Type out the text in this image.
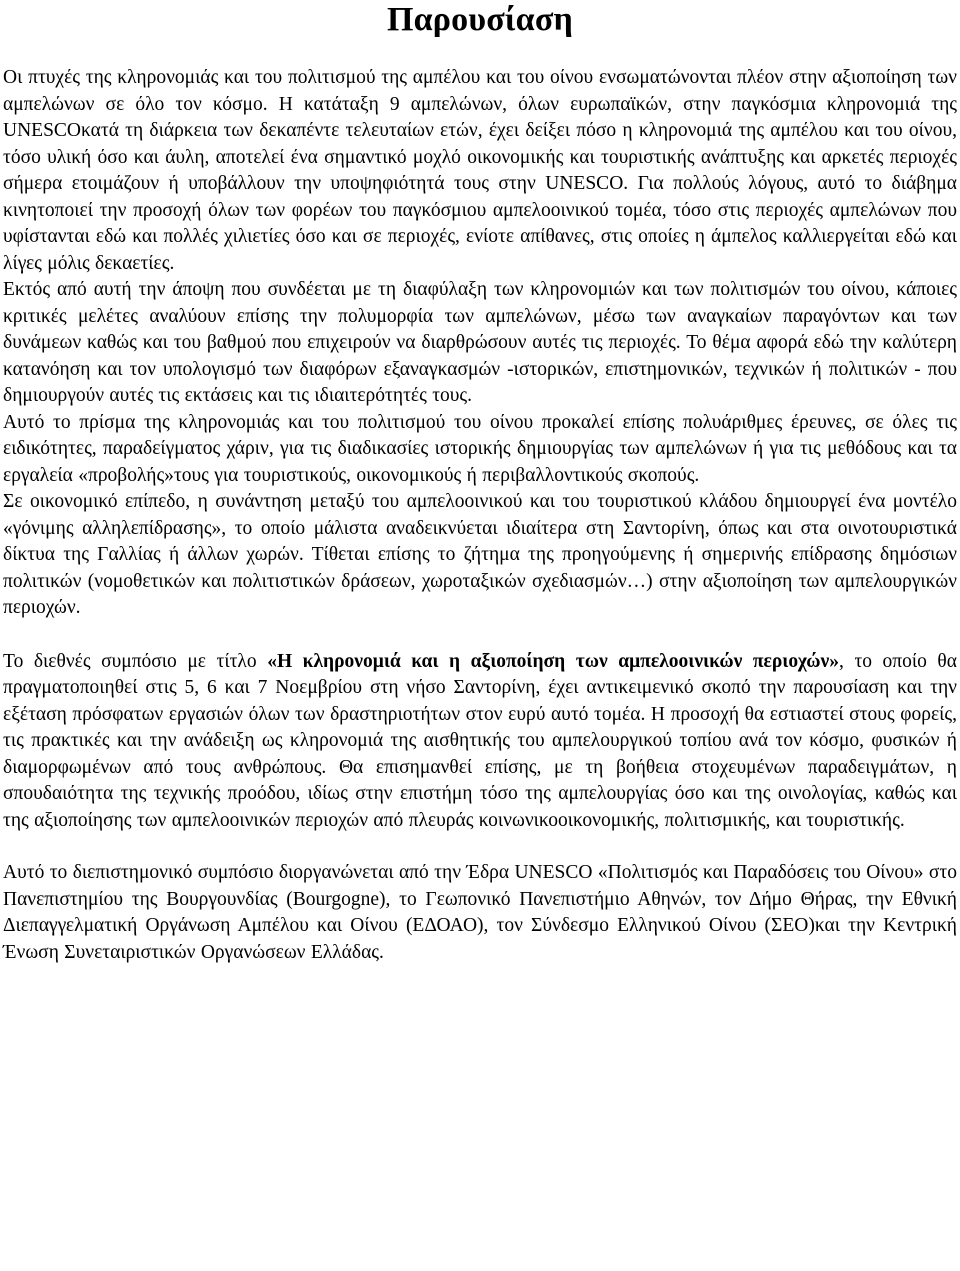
Παρουσίαση

Οι πτυχές της κληρονομιάς και του πολιτισμού της αμπέλου και του οίνου ενσωματώνονται πλέον στην αξιοποίηση των αμπελώνων σε όλο τον κόσμο. Η κατάταξη 9 αμπελώνων, όλων ευρωπαϊκών, στην παγκόσμια κληρονομιά της UNESCOκατά τη διάρκεια των δεκαπέντε τελευταίων ετών, έχει δείξει πόσο η κληρονομιά της αμπέλου και του οίνου, τόσο υλική όσο και άυλη, αποτελεί ένα σημαντικό μοχλό οικονομικής και τουριστικής ανάπτυξης και αρκετές περιοχές σήμερα ετοιμάζουν ή υποβάλλουν την υποψηφιότητά τους στην UNESCO. Για πολλούς λόγους, αυτό το διάβημα κινητοποιεί την προσοχή όλων των φορέων του παγκόσμιου αμπελοοινικού τομέα, τόσο στις περιοχές αμπελώνων που υφίστανται εδώ και πολλές χιλιετίες όσο και σε περιοχές, ενίοτε απίθανες, στις οποίες η άμπελος καλλιεργείται εδώ και λίγες μόλις δεκαετίες.

Εκτός από αυτή την άποψη που συνδέεται με τη διαφύλαξη των κληρονομιών και των πολιτισμών του οίνου, κάποιες κριτικές μελέτες αναλύουν επίσης την πολυμορφία των αμπελώνων, μέσω των αναγκαίων παραγόντων και των δυνάμεων καθώς και του βαθμού που επιχειρούν να διαρθρώσουν αυτές τις περιοχές. Το θέμα αφορά εδώ την καλύτερη κατανόηση και τον υπολογισμό των διαφόρων εξαναγκασμών -ιστορικών, επιστημονικών, τεχνικών ή πολιτικών - που δημιουργούν αυτές τις εκτάσεις και τις ιδιαιτερότητές τους.

Αυτό το πρίσμα της κληρονομιάς και του πολιτισμού του οίνου προκαλεί επίσης πολυάριθμες έρευνες, σε όλες τις ειδικότητες, παραδείγματος χάριν, για τις διαδικασίες ιστορικής δημιουργίας των αμπελώνων ή για τις μεθόδους και τα εργαλεία «προβολής»τους για τουριστικούς, οικονομικούς ή περιβαλλοντικούς σκοπούς.

Σε οικονομικό επίπεδο, η συνάντηση μεταξύ του αμπελοοινικού και του τουριστικού κλάδου δημιουργεί ένα μοντέλο «γόνιμης αλληλεπίδρασης», το οποίο μάλιστα αναδεικνύεται ιδιαίτερα στη Σαντορίνη, όπως και στα οινοτουριστικά δίκτυα της Γαλλίας ή άλλων χωρών. Τίθεται επίσης το ζήτημα της προηγούμενης ή σημερινής επίδρασης δημόσιων πολιτικών (νομοθετικών και πολιτιστικών δράσεων, χωροταξικών σχεδιασμών…) στην αξιοποίηση των αμπελουργικών περιοχών.

Το διεθνές συμπόσιο με τίτλο «Η κληρονομιά και η αξιοποίηση των αμπελοοινικών περιοχών», το οποίο θα πραγματοποιηθεί στις 5, 6 και 7 Νοεμβρίου στη νήσο Σαντορίνη, έχει αντικειμενικό σκοπό την παρουσίαση και την εξέταση πρόσφατων εργασιών όλων των δραστηριοτήτων στον ευρύ αυτό τομέα. Η προσοχή θα εστιαστεί στους φορείς, τις πρακτικές και την ανάδειξη ως κληρονομιά της αισθητικής του αμπελουργικού τοπίου ανά τον κόσμο, φυσικών ή διαμορφωμένων από τους ανθρώπους. Θα επισημανθεί επίσης, με τη βοήθεια στοχευμένων παραδειγμάτων, η σπουδαιότητα της τεχνικής προόδου, ιδίως στην επιστήμη τόσο της αμπελουργίας όσο και της οινολογίας, καθώς και της αξιοποίησης των αμπελοοινικών περιοχών από πλευράς κοινωνικοοικονομικής, πολιτισμικής, και τουριστικής.

Αυτό το διεπιστημονικό συμπόσιο διοργανώνεται από την Έδρα UNESCO «Πολιτισμός και Παραδόσεις του Οίνου» στο Πανεπιστημίου της Βουργουνδίας (Bourgogne), το Γεωπονικό Πανεπιστήμιο Αθηνών, τον Δήμο Θήρας, την Εθνική Διεπαγγελματική Οργάνωση Αμπέλου και Οίνου (ΕΔΟΑΟ), τον Σύνδεσμο Ελληνικού Οίνου (ΣΕΟ)και την Κεντρική Ένωση Συνεταιριστικών Οργανώσεων Ελλάδας.
